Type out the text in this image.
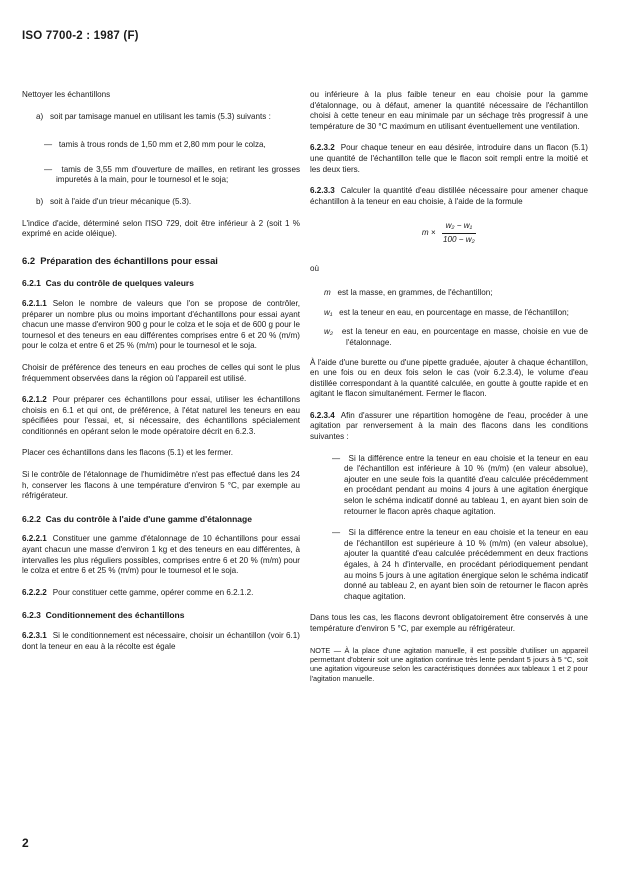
ISO 7700-2 : 1987 (F)

Nettoyer les échantillons

a)   soit par tamisage manuel en utilisant les tamis (5.3) suivants :

—   tamis à trous ronds de 1,50 mm et 2,80 mm pour le colza,

—   tamis de 3,55 mm d'ouverture de mailles, en retirant les grosses impuretés à la main, pour le tournesol et le soja;

b)   soit à l'aide d'un trieur mécanique (5.3).

L'indice d'acide, déterminé selon l'ISO 729, doit être inférieur à 2 (soit 1 % exprimé en acide oléique).

6.2  Préparation des échantillons pour essai
6.2.1  Cas du contrôle de quelques valeurs

6.2.1.1 Selon le nombre de valeurs que l'on se propose de contrôler, préparer un nombre plus ou moins important d'échantillons pour essai ayant chacun une masse d'environ 900 g pour le colza et le soja et de 600 g pour le tournesol et des teneurs en eau différentes comprises entre 6 et 20 % (m/m) pour le colza et entre 6 et 25 % (m/m) pour le tournesol et le soja.

Choisir de préférence des teneurs en eau proches de celles qui sont le plus fréquemment observées dans la région où l'appareil est utilisé.

6.2.1.2 Pour préparer ces échantillons pour essai, utiliser les échantillons choisis en 6.1 et qui ont, de préférence, à l'état naturel les teneurs en eau spécifiées pour l'essai, et, si nécessaire, des échantillons spécialement conditionnés en opérant selon le mode opératoire décrit en 6.2.3.

Placer ces échantillons dans les flacons (5.1) et les fermer.

Si le contrôle de l'étalonnage de l'humidimètre n'est pas effectué dans les 24 h, conserver les flacons à une température d'environ 5 °C, par exemple au réfrigérateur.

6.2.2  Cas du contrôle à l'aide d'une gamme d'étalonnage

6.2.2.1 Constituer une gamme d'étalonnage de 10 échantillons pour essai ayant chacun une masse d'environ 1 kg et des teneurs en eau différentes, à intervalles les plus réguliers possibles, comprises entre 6 et 20 % (m/m) pour le colza et entre 6 et 25 % (m/m) pour le tournesol et le soja.

6.2.2.2 Pour constituer cette gamme, opérer comme en 6.2.1.2.

6.2.3  Conditionnement des échantillons

6.2.3.1 Si le conditionnement est nécessaire, choisir un échantillon (voir 6.1) dont la teneur en eau à la récolte est égale

ou inférieure à la plus faible teneur en eau choisie pour la gamme d'étalonnage, ou à défaut, amener la quantité nécessaire de l'échantillon choisi à cette teneur en eau minimale par un séchage très progressif à une température de 30 °C maximum en utilisant éventuellement une ventilation.

6.2.3.2 Pour chaque teneur en eau désirée, introduire dans un flacon (5.1) une quantité de l'échantillon telle que le flacon soit rempli entre la moitié et les deux tiers.

6.2.3.3 Calculer la quantité d'eau distillée nécessaire pour amener chaque échantillon à la teneur en eau choisie, à l'aide de la formule

$m \times \frac{\text{w₂ − w₁}}{\text{100 − w₂}}$

où

m est la masse, en grammes, de l'échantillon;

w₁ est la teneur en eau, en pourcentage en masse, de l'échantillon;

w₂ est la teneur en eau, en pourcentage en masse, choisie en vue de l'étalonnage.

À l'aide d'une burette ou d'une pipette graduée, ajouter à chaque échantillon, en une fois ou en deux fois selon le cas (voir 6.2.3.4), le volume d'eau distillée correspondant à la quantité calculée, en goutte à goutte rapide et en agitant le flacon simultanément. Fermer le flacon.

6.2.3.4 Afin d'assurer une répartition homogène de l'eau, procéder à une agitation par renversement à la main des flacons dans les conditions suivantes :

—   Si la différence entre la teneur en eau choisie et la teneur en eau de l'échantillon est inférieure à 10 % (m/m) (en valeur absolue), ajouter en une seule fois la quantité d'eau calculée précédemment en procédant pendant au moins 4 jours à une agitation énergique selon le schéma indicatif donné au tableau 1, en ayant bien soin de retourner le flacon après chaque agitation.

—   Si la différence entre la teneur en eau choisie et la teneur en eau de l'échantillon est supérieure à 10 % (m/m) (en valeur absolue), ajouter la quantité d'eau calculée précédemment en deux fractions égales, à 24 h d'intervalle, en procédant périodiquement pendant au moins 5 jours à une agitation énergique selon le schéma indicatif donné au tableau 2, en ayant bien soin de retourner le flacon après chaque agitation.

Dans tous les cas, les flacons devront obligatoirement être conservés à une température d'environ 5 °C, par exemple au réfrigérateur.

NOTE — À la place d'une agitation manuelle, il est possible d'utiliser un appareil permettant d'obtenir soit une agitation continue très lente pendant 5 jours à 5 °C, soit une agitation vigoureuse selon les caractéristiques données aux tableaux 1 et 2 pour l'agitation manuelle.

2
